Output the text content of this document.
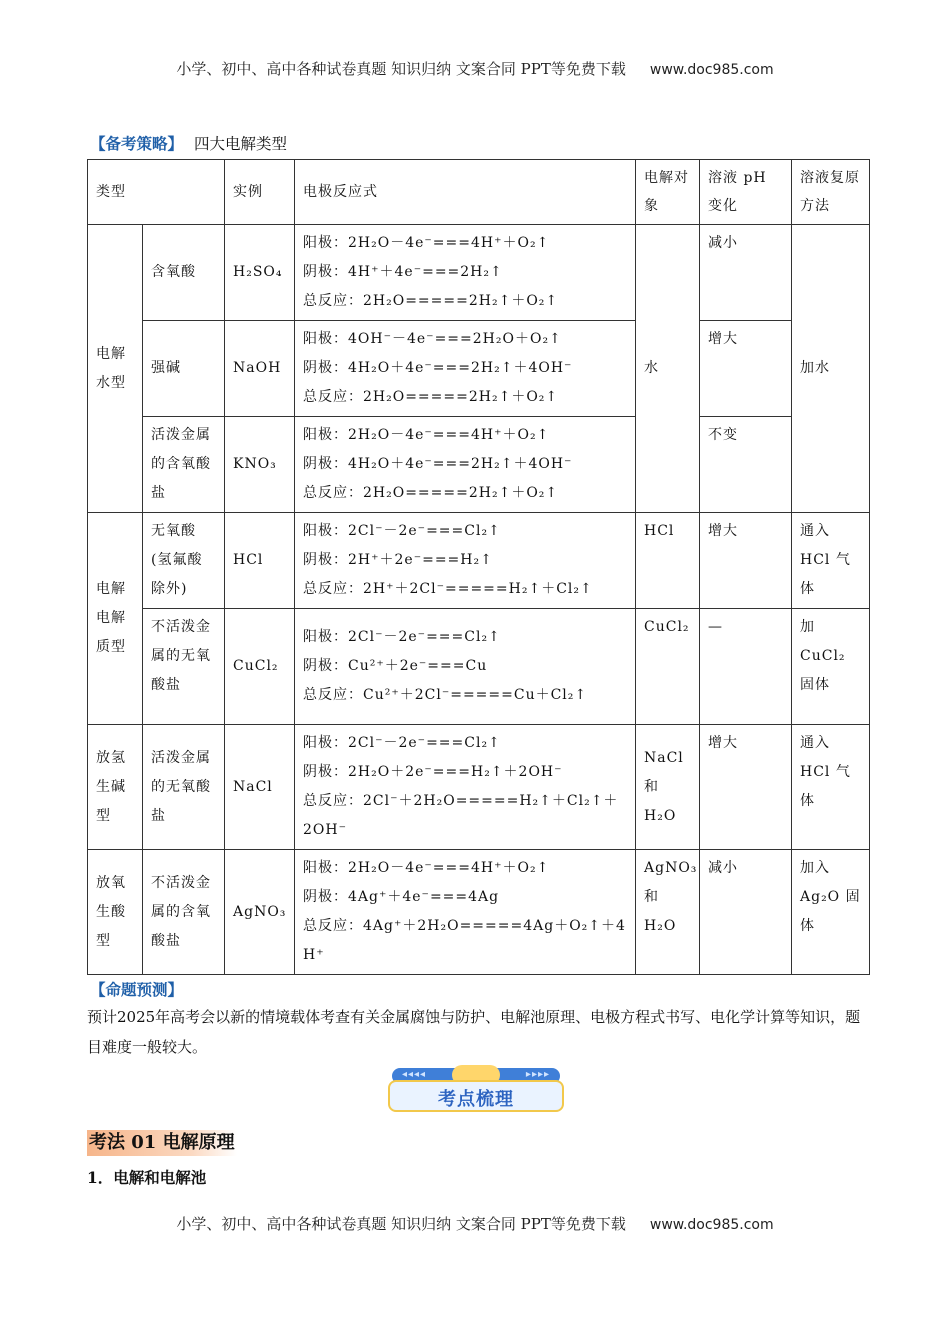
小学、初中、高中各种试卷真题 知识归纳 文案合同 PPT等免费下载 www.doc985.com
【备考策略】 四大电解类型
类型		实例	电极反应式	电解对象	溶液 pH 变化	溶液复原方法
电解水型	含氧酸	H₂SO₄	阳极：2H₂O－4e⁻===4H⁺＋O₂↑
阴极：4H⁺＋4e⁻===2H₂↑
总反应：2H₂O=====2H₂↑＋O₂↑	水	减小	加水
	强碱	NaOH	阳极：4OH⁻－4e⁻===2H₂O＋O₂↑
阴极：4H₂O＋4e⁻===2H₂↑＋4OH⁻
总反应：2H₂O=====2H₂↑＋O₂↑		增大	
	活泼金属的含氧酸盐	KNO₃	阳极：2H₂O－4e⁻===4H⁺＋O₂↑
阴极：4H₂O＋4e⁻===2H₂↑＋4OH⁻
总反应：2H₂O=====2H₂↑＋O₂↑		不变	
电解电解质型	无氧酸(氢氟酸除外)	HCl	阳极：2Cl⁻－2e⁻===Cl₂↑
阴极：2H⁺＋2e⁻===H₂↑
总反应：2H⁺＋2Cl⁻=====H₂↑＋Cl₂↑	HCl	增大	通入 HCl 气体
	不活泼金属的无氧酸盐	CuCl₂	阳极：2Cl⁻－2e⁻===Cl₂↑
阴极：Cu²⁺＋2e⁻===Cu
总反应：Cu²⁺＋2Cl⁻=====Cu＋Cl₂↑	CuCl₂	—	加 CuCl₂ 固体
放氢生碱型	活泼金属的无氧酸盐	NaCl	阳极：2Cl⁻－2e⁻===Cl₂↑
阴极：2H₂O＋2e⁻===H₂↑＋2OH⁻
总反应：2Cl⁻＋2H₂O=====H₂↑＋Cl₂↑＋2OH⁻	NaCl 和 H₂O	增大	通入 HCl 气体
放氧生酸型	不活泼金属的含氧酸盐	AgNO₃	阳极：2H₂O－4e⁻===4H⁺＋O₂↑
阴极：4Ag⁺＋4e⁻===4Ag
总反应：4Ag⁺＋2H₂O=====4Ag＋O₂↑＋4H⁺	AgNO₃ 和 H₂O	减小	加入 Ag₂O 固体
【命题预测】
预计2025年高考会以新的情境载体考查有关金属腐蚀与防护、电解池原理、电极方程式书写、电化学计算等知识，题目难度一般较大。
◂◂◂◂	▸▸▸▸
考点梳理
考法 01 电解原理
1．电解和电解池
小学、初中、高中各种试卷真题 知识归纳 文案合同 PPT等免费下载 www.doc985.com
